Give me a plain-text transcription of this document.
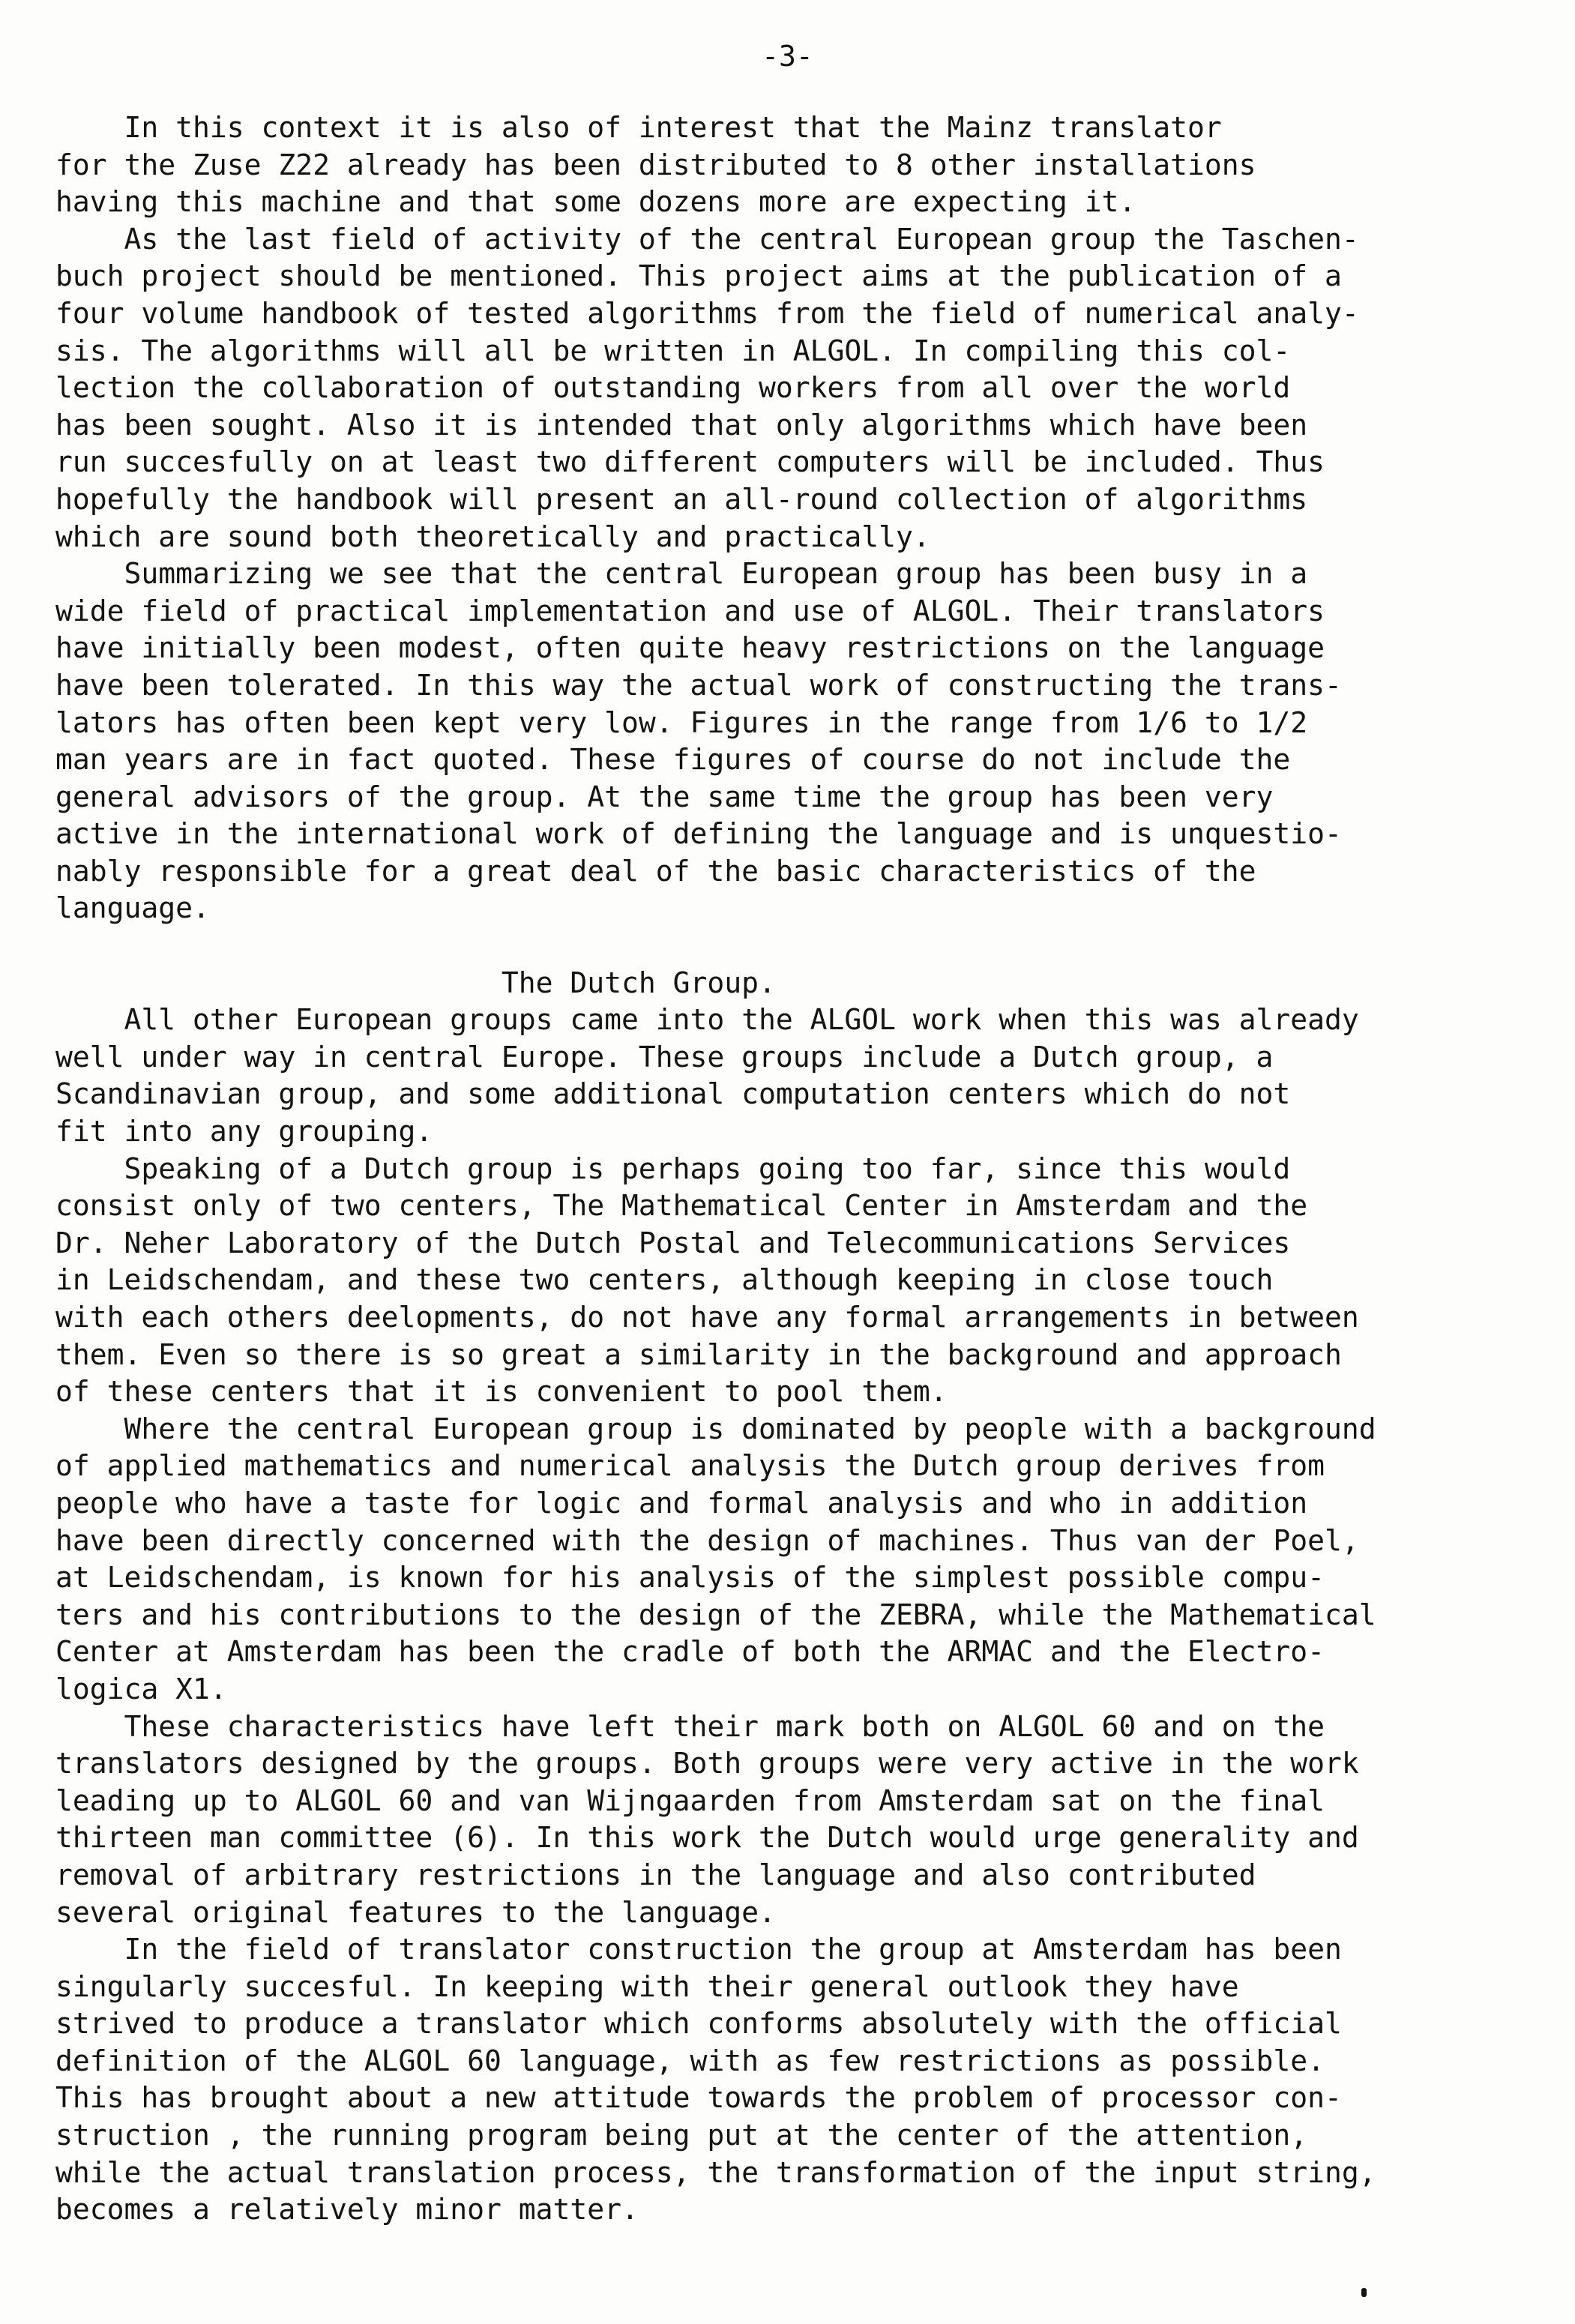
-3-
In this context it is also of interest that the Mainz translator
for the Zuse Z22 already has been distributed to 8 other installations
having this machine and that some dozens more are expecting it.
As the last field of activity of the central European group the Taschen-
buch project should be mentioned. This project aims at the publication of a
four volume handbook of tested algorithms from the field of numerical analy-
sis. The algorithms will all be written in ALGOL. In compiling this col-
lection the collaboration of outstanding workers from all over the world
has been sought. Also it is intended that only algorithms which have been
run succesfully on at least two different computers will be included. Thus
hopefully the handbook will present an all-round collection of algorithms
which are sound both theoretically and practically.
Summarizing we see that the central European group has been busy in a
wide field of practical implementation and use of ALGOL. Their translators
have initially been modest, often quite heavy restrictions on the language
have been tolerated. In this way the actual work of constructing the trans-
lators has often been kept very low. Figures in the range from 1/6 to 1/2
man years are in fact quoted. These figures of course do not include the
general advisors of the group. At the same time the group has been very
active in the international work of defining the language and is unquestio-
nably responsible for a great deal of the basic characteristics of the
language.
The Dutch Group.
All other European groups came into the ALGOL work when this was already
well under way in central Europe. These groups include a Dutch group, a
Scandinavian group, and some additional computation centers which do not
fit into any grouping.
Speaking of a Dutch group is perhaps going too far, since this would
consist only of two centers, The Mathematical Center in Amsterdam and the
Dr. Neher Laboratory of the Dutch Postal and Telecommunications Services
in Leidschendam, and these two centers, although keeping in close touch
with each others deelopments, do not have any formal arrangements in between
them. Even so there is so great a similarity in the background and approach
of these centers that it is convenient to pool them.
Where the central European group is dominated by people with a background
of applied mathematics and numerical analysis the Dutch group derives from
people who have a taste for logic and formal analysis and who in addition
have been directly concerned with the design of machines. Thus van der Poel,
at Leidschendam, is known for his analysis of the simplest possible compu-
ters and his contributions to the design of the ZEBRA, while the Mathematical
Center at Amsterdam has been the cradle of both the ARMAC and the Electro-
logica X1.
These characteristics have left their mark both on ALGOL 60 and on the
translators designed by the groups. Both groups were very active in the work
leading up to ALGOL 60 and van Wijngaarden from Amsterdam sat on the final
thirteen man committee (6). In this work the Dutch would urge generality and
removal of arbitrary restrictions in the language and also contributed
several original features to the language.
In the field of translator construction the group at Amsterdam has been
singularly succesful. In keeping with their general outlook they have
strived to produce a translator which conforms absolutely with the official
definition of the ALGOL 60 language, with as few restrictions as possible.
This has brought about a new attitude towards the problem of processor con-
struction , the running program being put at the center of the attention,
while the actual translation process, the transformation of the input string,
becomes a relatively minor matter.
